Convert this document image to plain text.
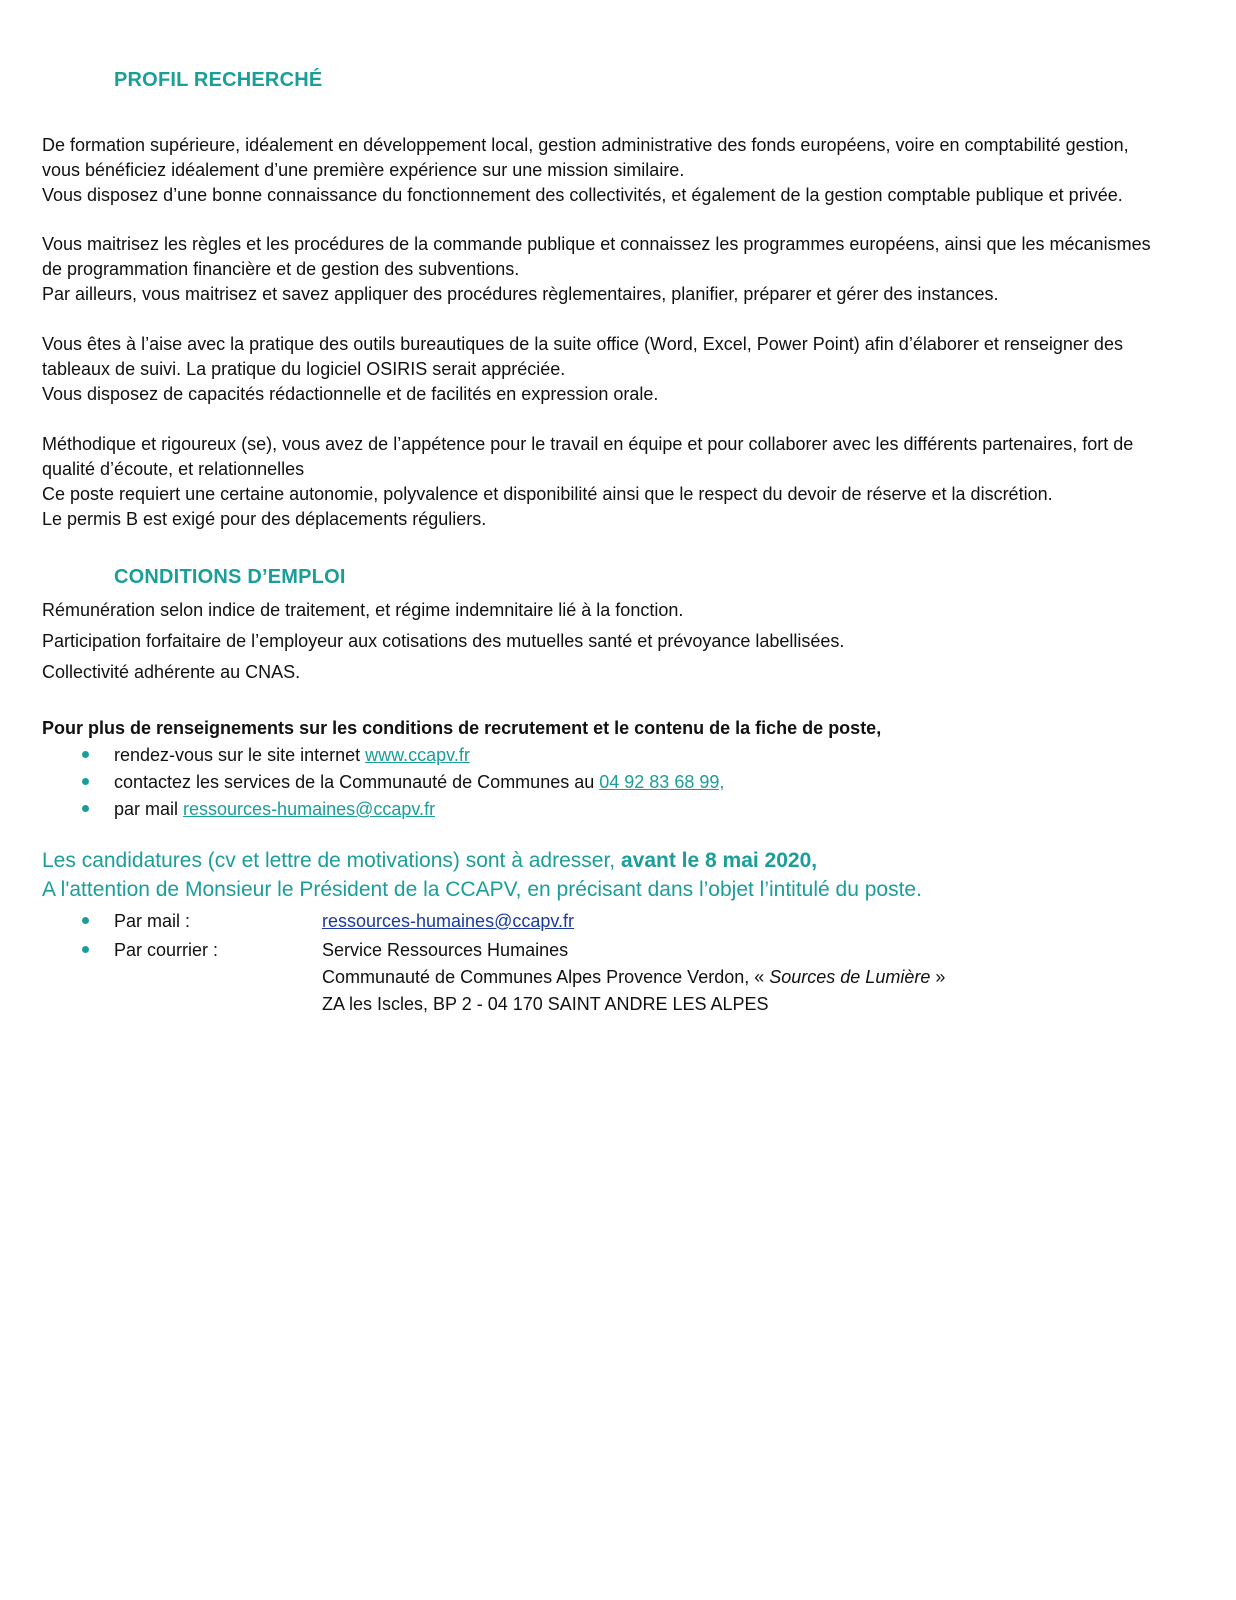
PROFIL RECHERCHÉ

De formation supérieure, idéalement en développement local, gestion administrative des fonds européens, voire en comptabilité gestion,

vous bénéficiez idéalement d’une première expérience sur une mission similaire.

Vous disposez d’une bonne connaissance du fonctionnement des collectivités, et également de la gestion comptable publique et privée.

Vous maitrisez les règles et les procédures de la commande publique et connaissez les programmes européens, ainsi que les mécanismes

de programmation financière et de gestion des subventions.

Par ailleurs, vous maitrisez et savez appliquer des procédures règlementaires, planifier, préparer et gérer des instances.

Vous êtes à l’aise avec la pratique des outils bureautiques de la suite office (Word, Excel, Power Point) afin d’élaborer et renseigner des

tableaux de suivi. La pratique du logiciel OSIRIS serait appréciée.

Vous disposez de capacités rédactionnelle et de facilités en expression orale.

Méthodique et rigoureux (se), vous avez de l’appétence pour le travail en équipe et pour collaborer avec les différents partenaires, fort de

qualité d’écoute, et relationnelles

Ce poste requiert une certaine autonomie, polyvalence et disponibilité ainsi que le respect du devoir de réserve et la discrétion.

Le permis B est exigé pour des déplacements réguliers.

CONDITIONS D’EMPLOI
Rémunération selon indice de traitement, et régime indemnitaire lié à la fonction.
Participation forfaitaire de l’employeur aux cotisations des mutuelles santé et prévoyance labellisées.
Collectivité adhérente au CNAS.
Pour plus de renseignements sur les conditions de recrutement et le contenu de la fiche de poste,
rendez-vous sur le site internet www.ccapv.fr
contactez les services de la Communauté de Communes au 04 92 83 68 99,
par mail ressources-humaines@ccapv.fr
Les candidatures (cv et lettre de motivations) sont à adresser, avant le 8 mai 2020,
A l'attention de Monsieur le Président de la CCAPV, en précisant dans l’objet l’intitulé du poste.
Par mail :	ressources-humaines@ccapv.fr
Par courrier :	Service Ressources Humaines
Communauté de Communes Alpes Provence Verdon, « Sources de Lumière »
ZA les Iscles, BP 2 - 04 170 SAINT ANDRE LES ALPES
